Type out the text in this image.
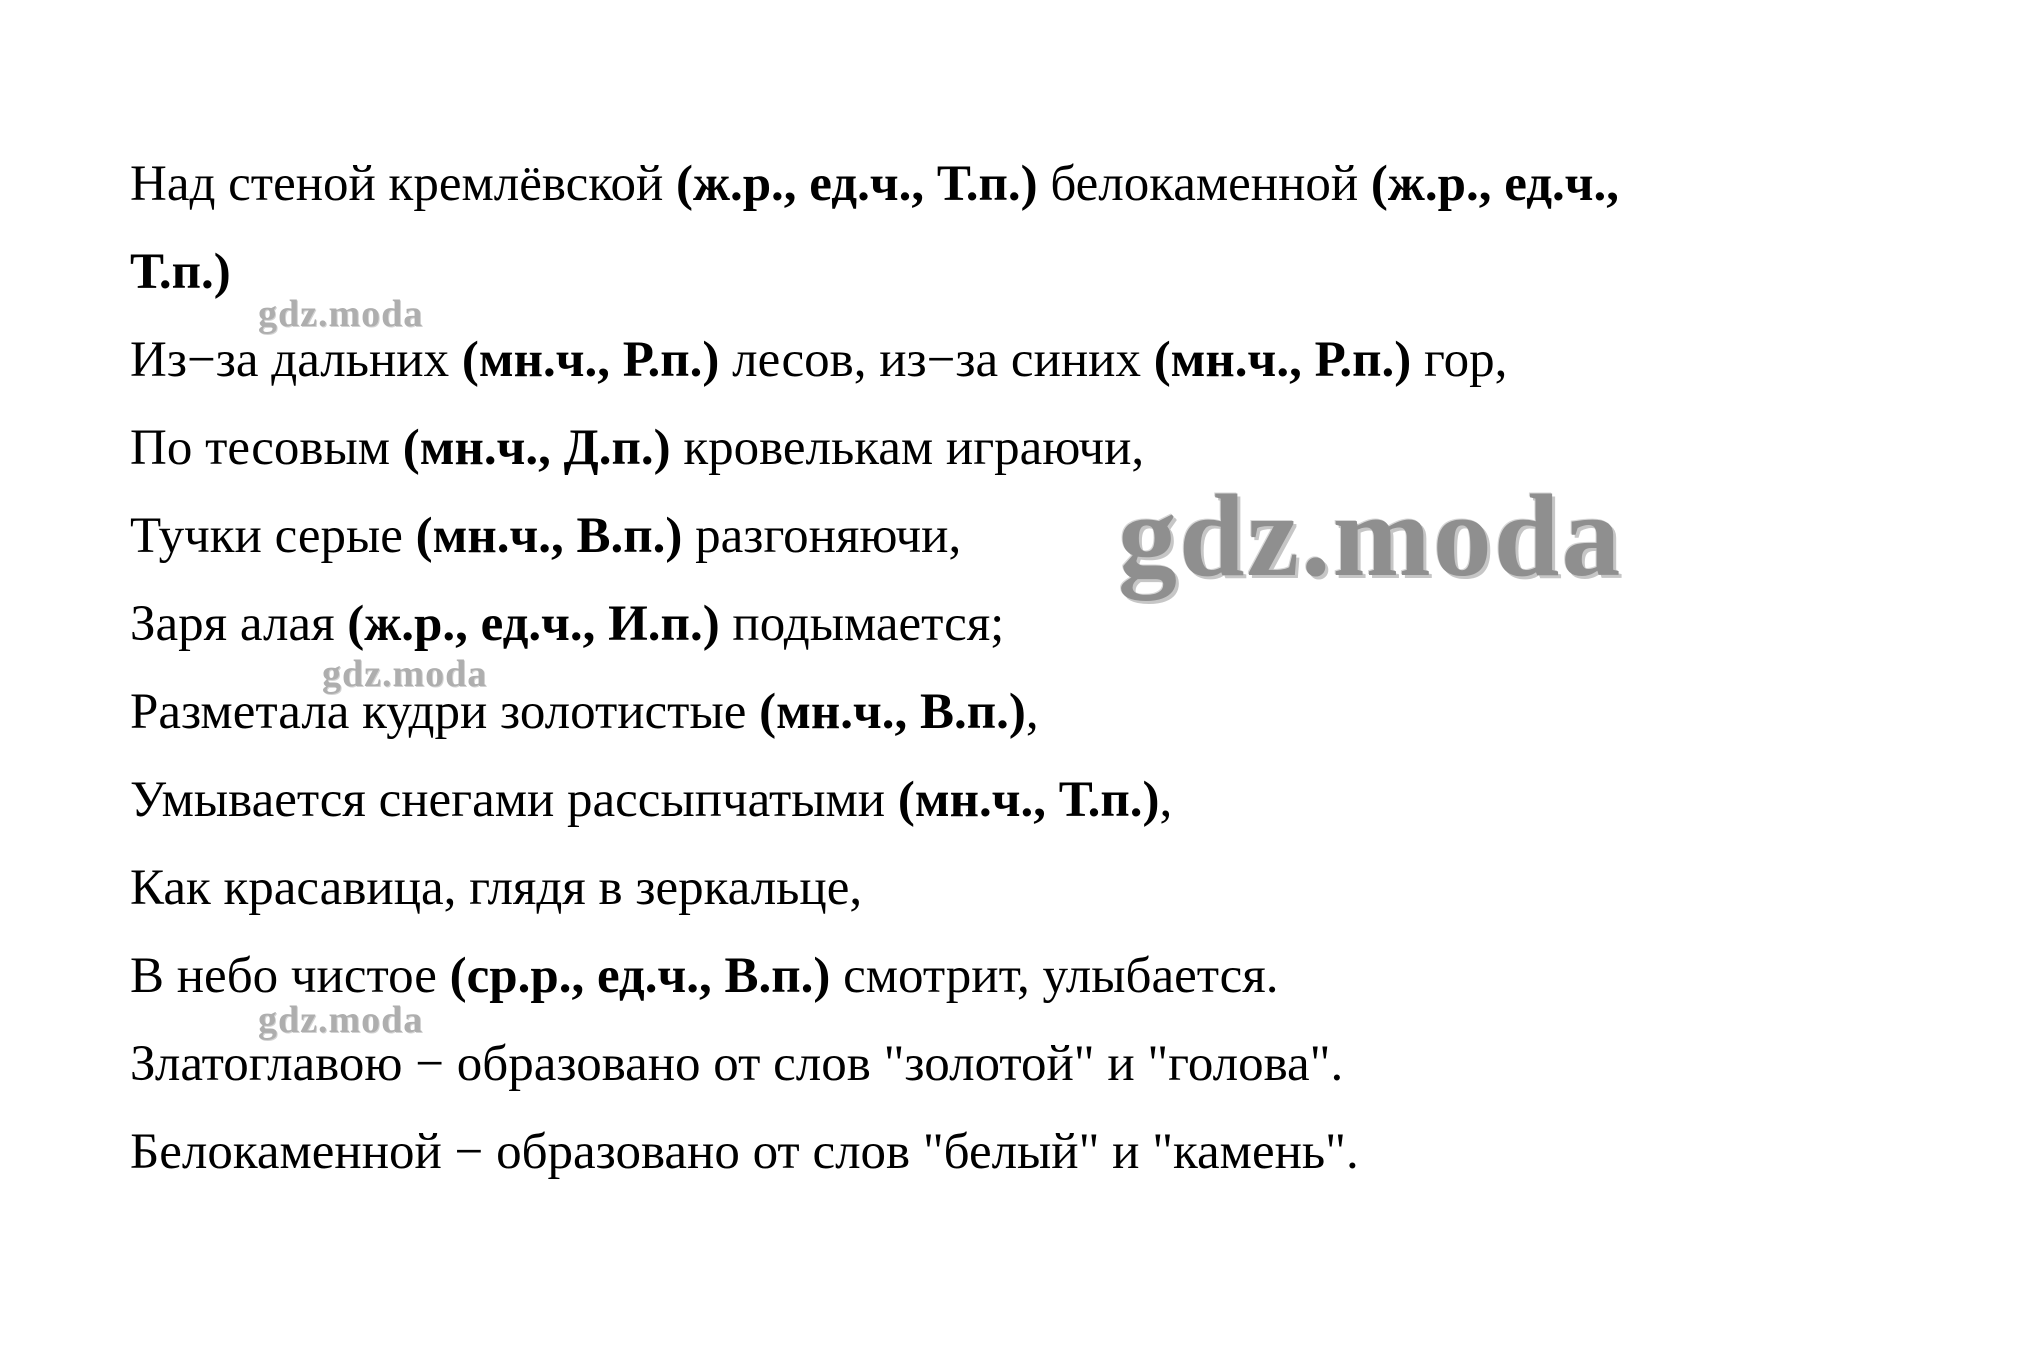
Над стеной кремлёвской (ж.р., ед.ч., Т.п.) белокаменной (ж.р., ед.ч.,
Т.п.)
Из−за дальних (мн.ч., Р.п.) лесов, из−за синих (мн.ч., Р.п.) гор,
По тесовым (мн.ч., Д.п.) кровелькам играючи,
Тучки серые (мн.ч., В.п.) разгоняючи,
Заря алая (ж.р., ед.ч., И.п.) подымается;
Разметала кудри золотистые (мн.ч., В.п.),
Умывается снегами рассыпчатыми (мн.ч., Т.п.),
Как красавица, глядя в зеркальце,
В небо чистое (ср.р., ед.ч., В.п.) смотрит, улыбается.
Златоглавою − образовано от слов "золотой" и "голова".
Белокаменной − образовано от слов "белый" и "камень".
gdz.moda
gdz.moda
gdz.moda
gdz.moda
